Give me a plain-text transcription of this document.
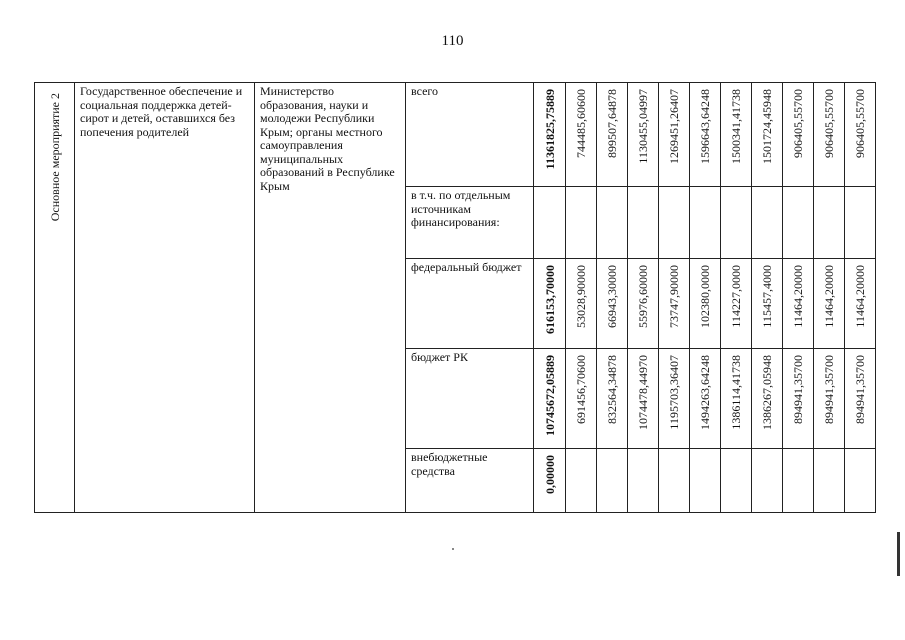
110
Основное мероприятие 2	Государственное обеспечение и социальная поддержка детей-сирот и детей, оставшихся без попечения родителей	Министерство образования, науки и молодежи Республики Крым; органы местного самоуправления муниципальных образований в Республике Крым	всего	11361825,75889	744485,60600	899507,64878	1130455,04997	1269451,26407	1596643,64248	1500341,41738	1501724,45948	906405,55700	906405,55700	906405,55700

			в т.ч. по отдельным источникам финансирования:											

			федеральный бюджет	616153,70000	53028,90000	66943,30000	55976,60000	73747,90000	102380,0000	114227,0000	115457,4000	11464,20000	11464,20000	11464,20000

			бюджет РК	10745672,05889	691456,70600	832564,34878	1074478,44970	1195703,36407	1494263,64248	1386114,41738	1386267,05948	894941,35700	894941,35700	894941,35700

			внебюджетные средства	0,00000										
